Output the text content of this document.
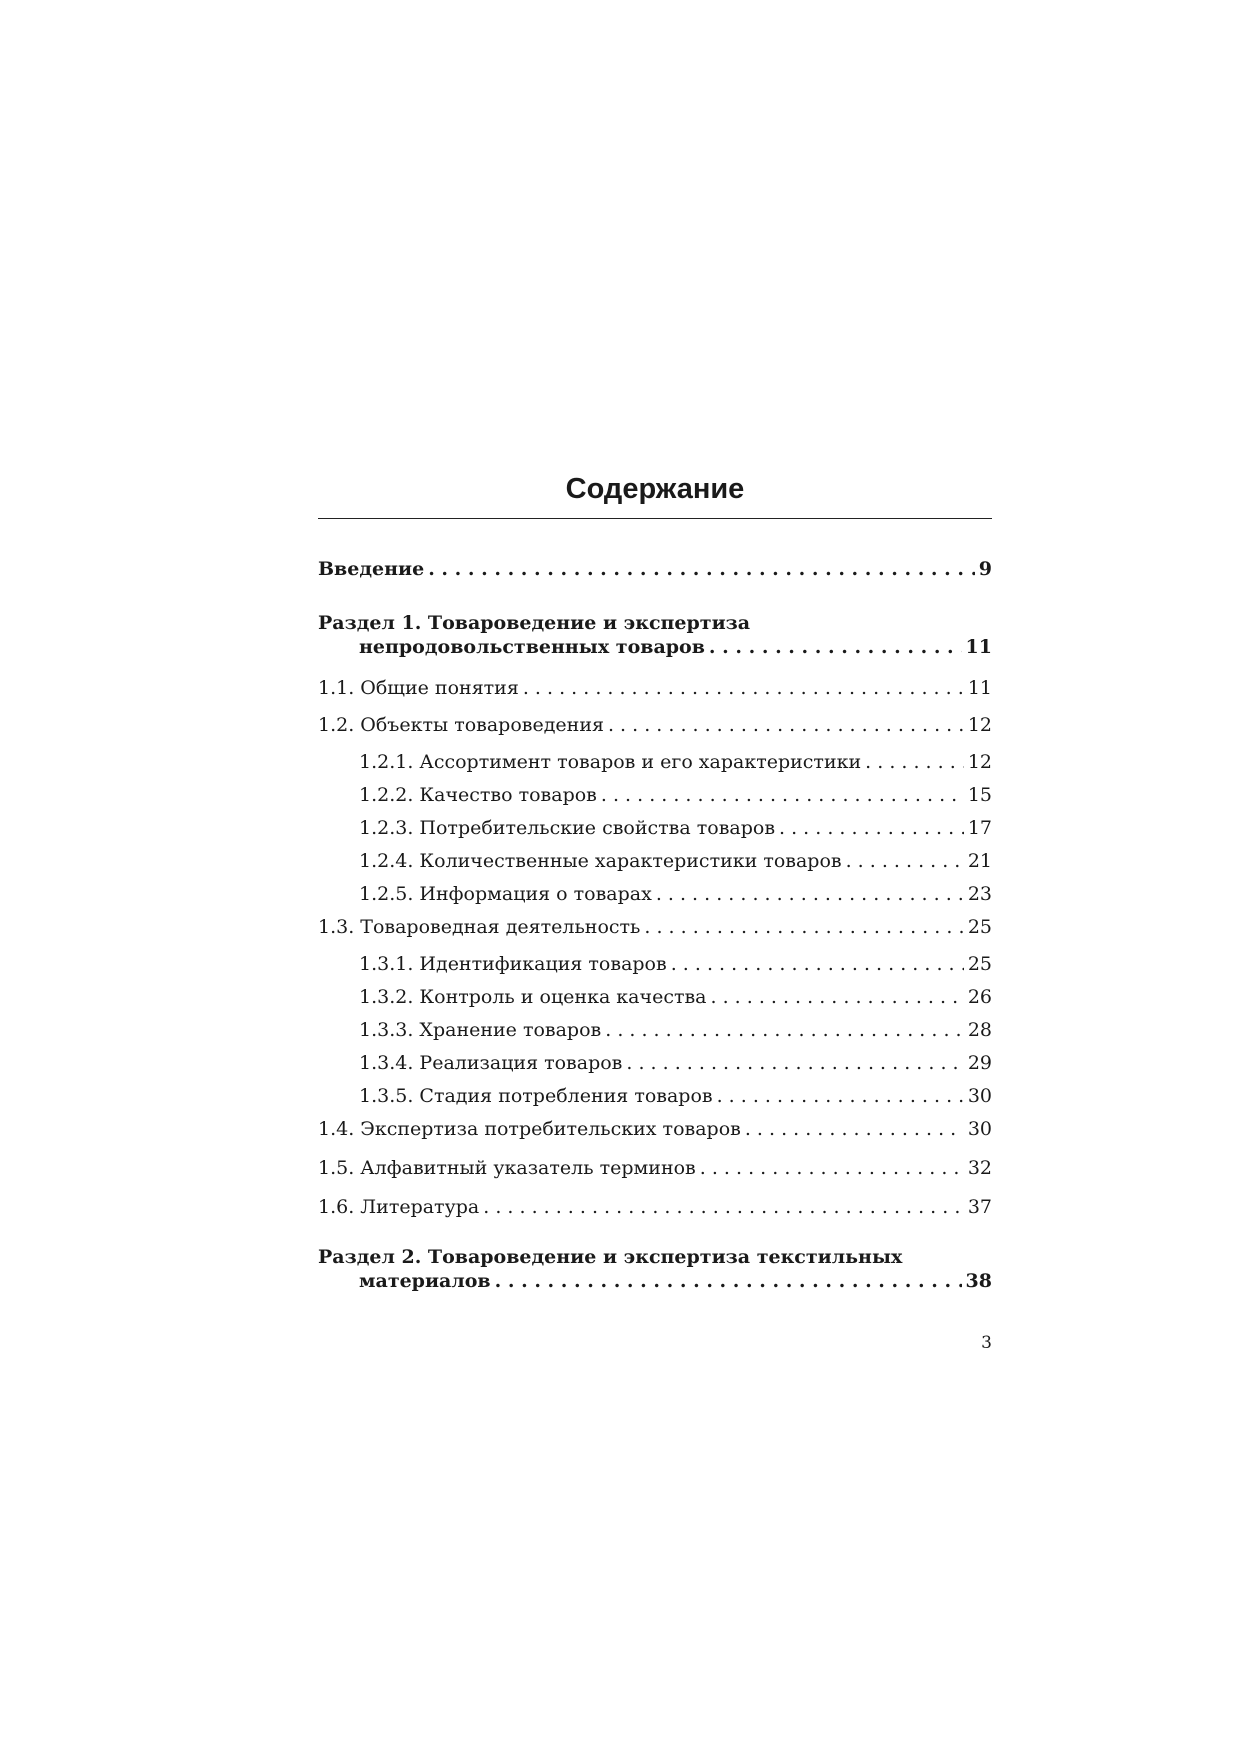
Содержание
Введение . . .	9
Раздел 1. Товароведение и экспертиза
непродовольственных товаров . . .	11
1.1. Общие понятия . . .	11
1.2. Объекты товароведения . . .	12
1.2.1. Ассортимент товаров и его характеристики . . .	12
1.2.2. Качество товаров . . .	15
1.2.3. Потребительские свойства товаров . . .	17
1.2.4. Количественные характеристики товаров . . .	21
1.2.5. Информация о товарах . . .	23
1.3. Товароведная деятельность . . .	25
1.3.1. Идентификация товаров . . .	25
1.3.2. Контроль и оценка качества . . .	26
1.3.3. Хранение товаров . . .	28
1.3.4. Реализация товаров . . .	29
1.3.5. Стадия потребления товаров . . .	30
1.4. Экспертиза потребительских товаров . . .	30
1.5. Алфавитный указатель терминов . . .	32
1.6. Литература . . .	37
Раздел 2. Товароведение и экспертиза текстильных
материалов . . .	38
3
